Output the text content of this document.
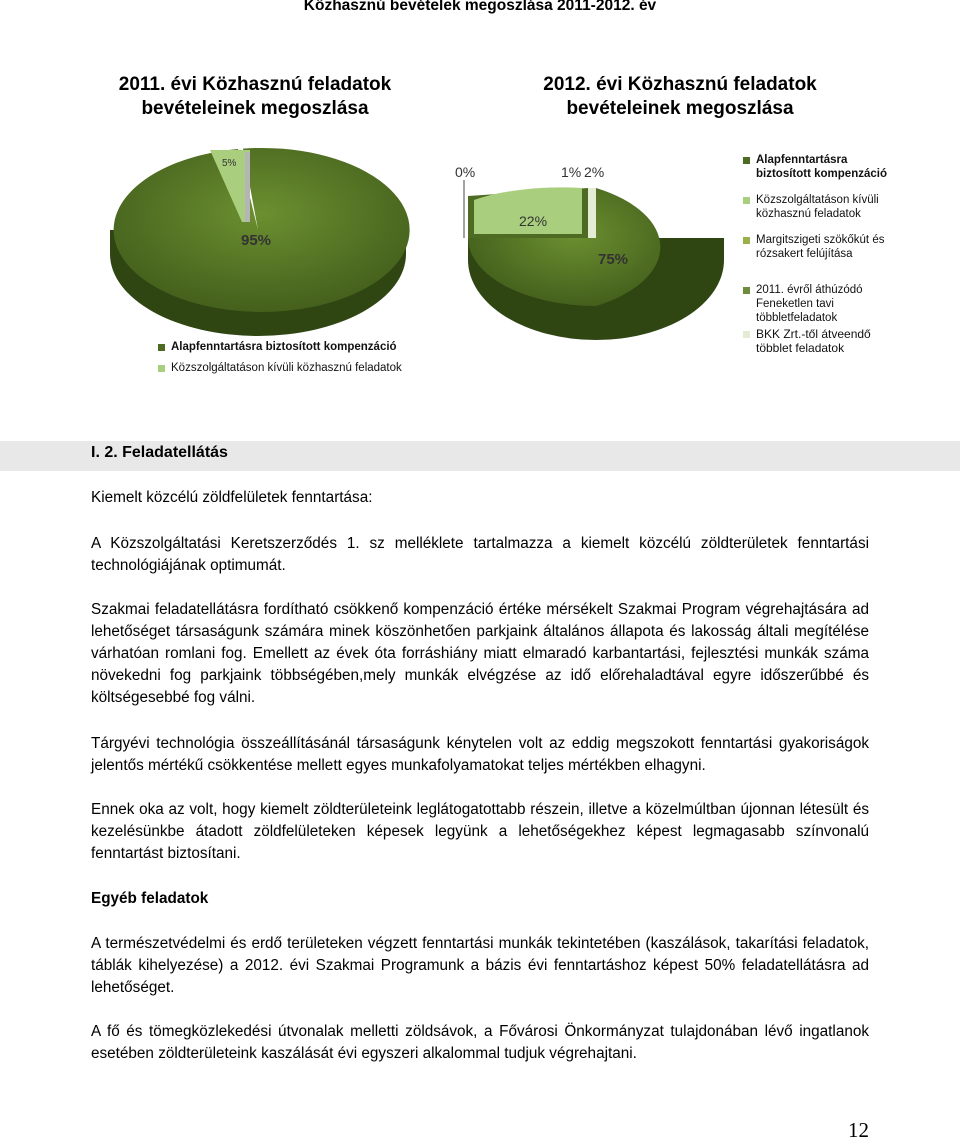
Közhasznú bevételek megoszlása 2011-2012. év
2011. évi Közhasznú feladatok bevételeinek megoszlása
5%
95%
Alapfenntartásra biztosított kompenzáció
Közszolgáltatáson kívüli közhasznú feladatok
2012. évi Közhasznú feladatok bevételeinek megoszlása
0%	1% 2%
22%
75%
Alapfenntartásra biztosított kompenzáció
Közszolgáltatáson kívüli közhasznú feladatok
Margitszigeti szökőkút és rózsakert felújítása
2011. évről áthúzódó Feneketlen tavi többletfeladatok
BKK Zrt.-től átveendő többlet feladatok
I. 2. Feladatellátás
Kiemelt közcélú zöldfelületek fenntartása:
A Közszolgáltatási Keretszerződés 1. sz melléklete tartalmazza a kiemelt közcélú zöldterületek fenntartási technológiájának optimumát.
Szakmai feladatellátásra fordítható csökkenő kompenzáció értéke mérsékelt Szakmai Program végrehajtására ad lehetőséget társaságunk számára minek köszönhetően parkjaink általános állapota és lakosság általi megítélése várhatóan romlani fog. Emellett az évek óta forráshiány miatt elmaradó karbantartási, fejlesztési munkák száma növekedni fog parkjaink többségében,mely munkák elvégzése az idő előrehaladtával egyre időszerűbbé és költségesebbé fog válni.
Tárgyévi technológia összeállításánál társaságunk kénytelen volt az eddig megszokott fenntartási gyakoriságok jelentős mértékű csökkentése mellett egyes munkafolyamatokat teljes mértékben elhagyni.
Ennek oka az volt, hogy kiemelt zöldterületeink leglátogatottabb részein, illetve a közelmúltban újonnan létesült és kezelésünkbe átadott zöldfelületeken képesek legyünk a lehetőségekhez képest legmagasabb színvonalú fenntartást biztosítani.
Egyéb feladatok
A természetvédelmi és erdő területeken végzett fenntartási munkák tekintetében (kaszálások, takarítási feladatok, táblák kihelyezése) a 2012. évi Szakmai Programunk a bázis évi fenntartáshoz képest 50% feladatellátásra ad lehetőséget.
A fő és tömegközlekedési útvonalak melletti zöldsávok, a Fővárosi Önkormányzat tulajdonában lévő ingatlanok esetében zöldterületeink kaszálását évi egyszeri alkalommal tudjuk végrehajtani.
12
